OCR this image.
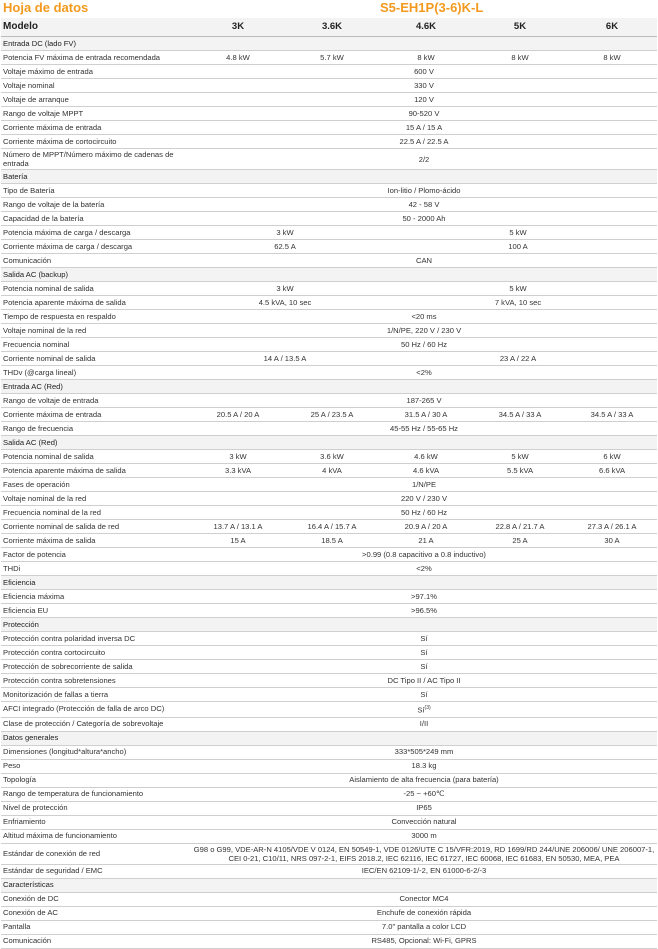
Hoja de datos	S5-EH1P(3-6)K-L
Modelo	3K	3.6K	4.6K	5K	6K
Entrada DC (lado FV)					
Potencia FV máxima de entrada recomendada	4.8 kW	5.7 kW	8 kW	8 kW	8 kW
Voltaje máximo de entrada	600 V				
Voltaje nominal	330 V				
Voltaje de arranque	120 V				
Rango de voltaje MPPT	90-520 V				
Corriente máxima de entrada	15 A / 15 A				
Corriente máxima de cortocircuito	22.5 A / 22.5 A				
Número de MPPT/Número máximo de cadenas de entrada	2/2				
Batería					
Tipo de Batería	Ion-litio / Plomo-ácido				
Rango de voltaje de la batería	42 - 58 V				
Capacidad de la batería	50 - 2000 Ah				
Potencia máxima de carga / descarga	3 kW		5 kW		
Corriente máxima de carga / descarga	62.5 A		100 A		
Comunicación	CAN				
Salida AC (backup)					
Potencia nominal de salida	3 kW		5 kW		
Potencia aparente máxima de salida	4.5 kVA, 10 sec		7 kVA, 10 sec		
Tiempo de respuesta en respaldo	<20 ms				
Voltaje nominal de la red	1/N/PE, 220 V / 230 V				
Frecuencia nominal	50 Hz / 60 Hz				
Corriente nominal de salida	14 A / 13.5 A		23 A / 22 A		
THDv (@carga lineal)	<2%				
Entrada AC (Red)					
Rango de voltaje de entrada	187-265 V				
Corriente máxima de entrada	20.5 A / 20 A	25 A / 23.5 A	31.5 A / 30 A	34.5 A / 33 A	34.5 A / 33 A
Rango de frecuencia	45-55 Hz / 55-65 Hz				
Salida AC (Red)					
Potencia nominal de salida	3 kW	3.6 kW	4.6 kW	5 kW	6 kW
Potencia aparente máxima de salida	3.3 kVA	4 kVA	4.6 kVA	5.5 kVA	6.6 kVA
Fases de operación	1/N/PE				
Voltaje nominal de la red	220 V / 230 V				
Frecuencia nominal de la red	50 Hz / 60 Hz				
Corriente nominal de salida de red	13.7 A / 13.1 A	16.4 A / 15.7 A	20.9 A / 20 A	22.8 A / 21.7 A	27.3 A / 26.1 A
Corriente máxima de salida	15 A	18.5 A	21 A	25 A	30 A
Factor de potencia	>0.99 (0.8 capacitivo a 0.8 inductivo)				
THDi	<2%				
Eficiencia					
Eficiencia máxima	>97.1%				
Eficiencia EU	>96.5%				
Protección					
Protección contra polaridad inversa DC	Sí				
Protección contra cortocircuito	Sí				
Protección de sobrecorriente de salida	Sí				
Protección contra sobretensiones	DC Tipo II / AC Tipo II				
Monitorización de fallas a tierra	Sí				
AFCI integrado (Protección de falla de arco DC)	$Sí^{(3)}$
Clase de protección / Categoría de sobrevoltaje	I/II				
Datos generales					
Dimensiones (longitud*altura*ancho)	333*505*249 mm				
Peso	18.3 kg				
Topología	Aislamiento de alta frecuencia (para batería)				
Rango de temperatura de funcionamiento	-25 ~ +60℃				
Nivel de protección	IP65				
Enfriamiento	Convección natural				
Altitud máxima de funcionamiento	3000 m				
Estándar de conexión de red	G98 o G99, VDE-AR-N 4105/VDE V 0124, EN 50549-1, VDE 0126/UTE C 15/VFR:2019, RD 1699/RD 244/UNE 206006/ UNE 206007-1, CEI 0-21, C10/11, NRS 097-2-1, EIFS 2018.2, IEC 62116, IEC 61727, IEC 60068, IEC 61683, EN 50530, MEA, PEA				
Estándar de seguridad / EMC	IEC/EN 62109-1/-2, EN 61000-6-2/-3				
Características					
Conexión de DC	Conector MC4				
Conexión de AC	Enchufe de conexión rápida				
Pantalla	7.0" pantalla a color LCD				
Comunicación	RS485, Opcional: Wi-Fi, GPRS				
